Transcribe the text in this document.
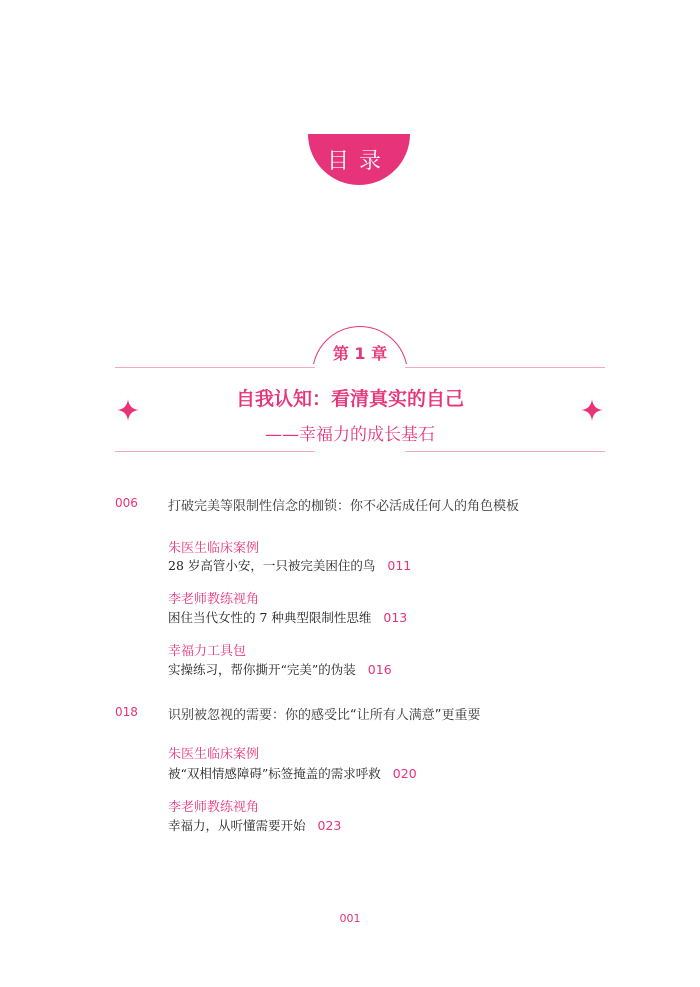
目录
第 1 章
自我认知：看清真实的自己
——幸福力的成长基石
006 打破完美等限制性信念的枷锁：你不必活成任何人的角色模板
朱医生临床案例
28 岁高管小安，一只被完美困住的鸟 011
李老师教练视角
困住当代女性的 7 种典型限制性思维 013
幸福力工具包
实操练习，帮你撕开“完美”的伪装 016
018 识别被忽视的需要：你的感受比“让所有人满意”更重要
朱医生临床案例
被“双相情感障碍”标签掩盖的需求呼救 020
李老师教练视角
幸福力，从听懂需要开始 023
001
